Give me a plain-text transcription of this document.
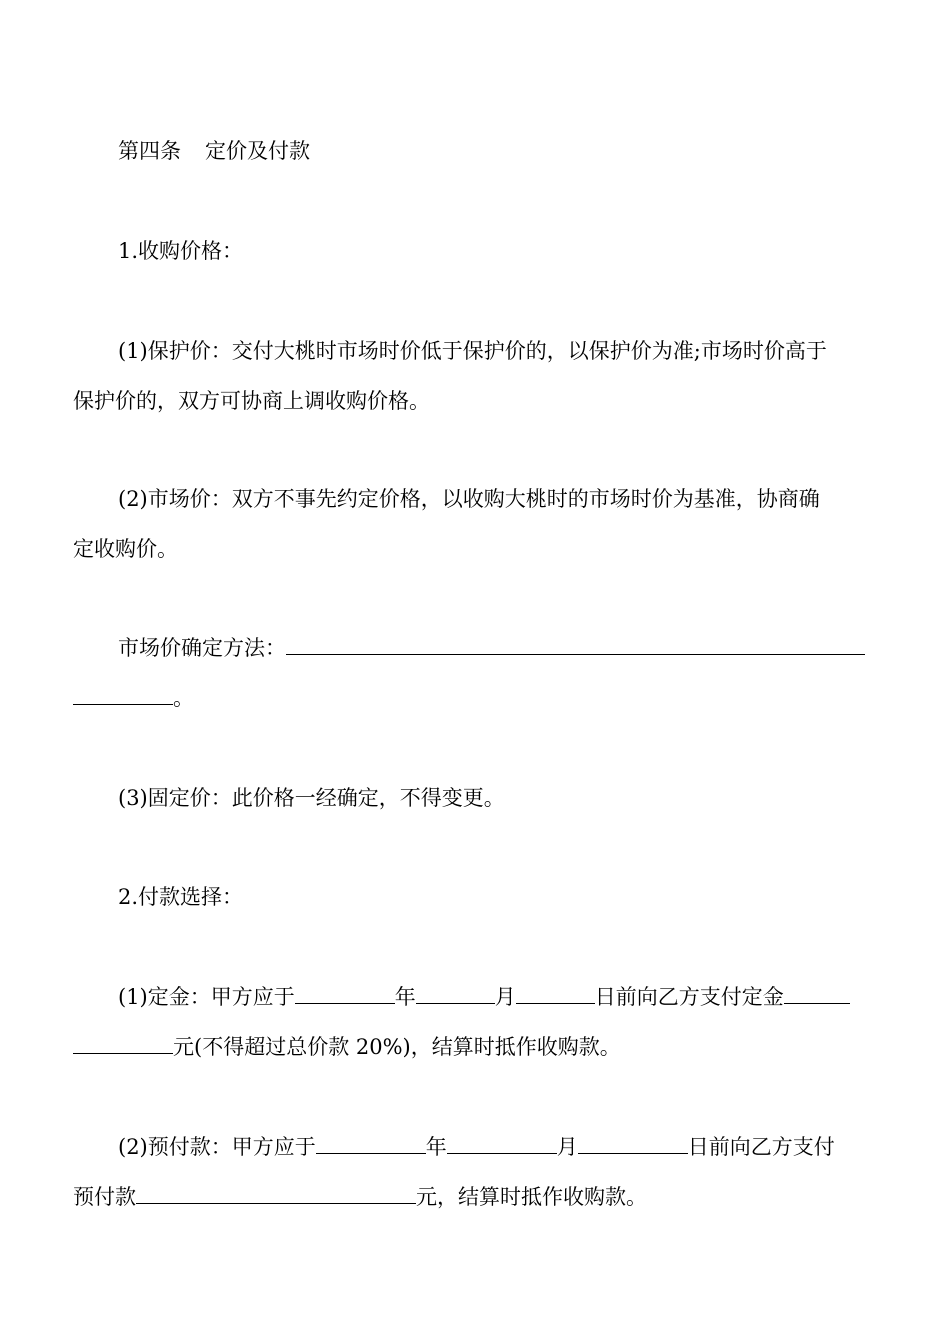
第四条 定价及付款
1.收购价格：
(1)保护价：交付大桃时市场时价低于保护价的，以保护价为准;市场时价高于
保护价的，双方可协商上调收购价格。
(2)市场价：双方不事先约定价格，以收购大桃时的市场时价为基准，协商确
定收购价。
市场价确定方法：
。
(3)固定价：此价格一经确定，不得变更。
2.付款选择：
(1)定金：甲方应于	年	月	日前向乙方支付定金
元(不得超过总价款 20%)，结算时抵作收购款。
(2)预付款：甲方应于	年	月	日前向乙方支付
预付款	元，结算时抵作收购款。
